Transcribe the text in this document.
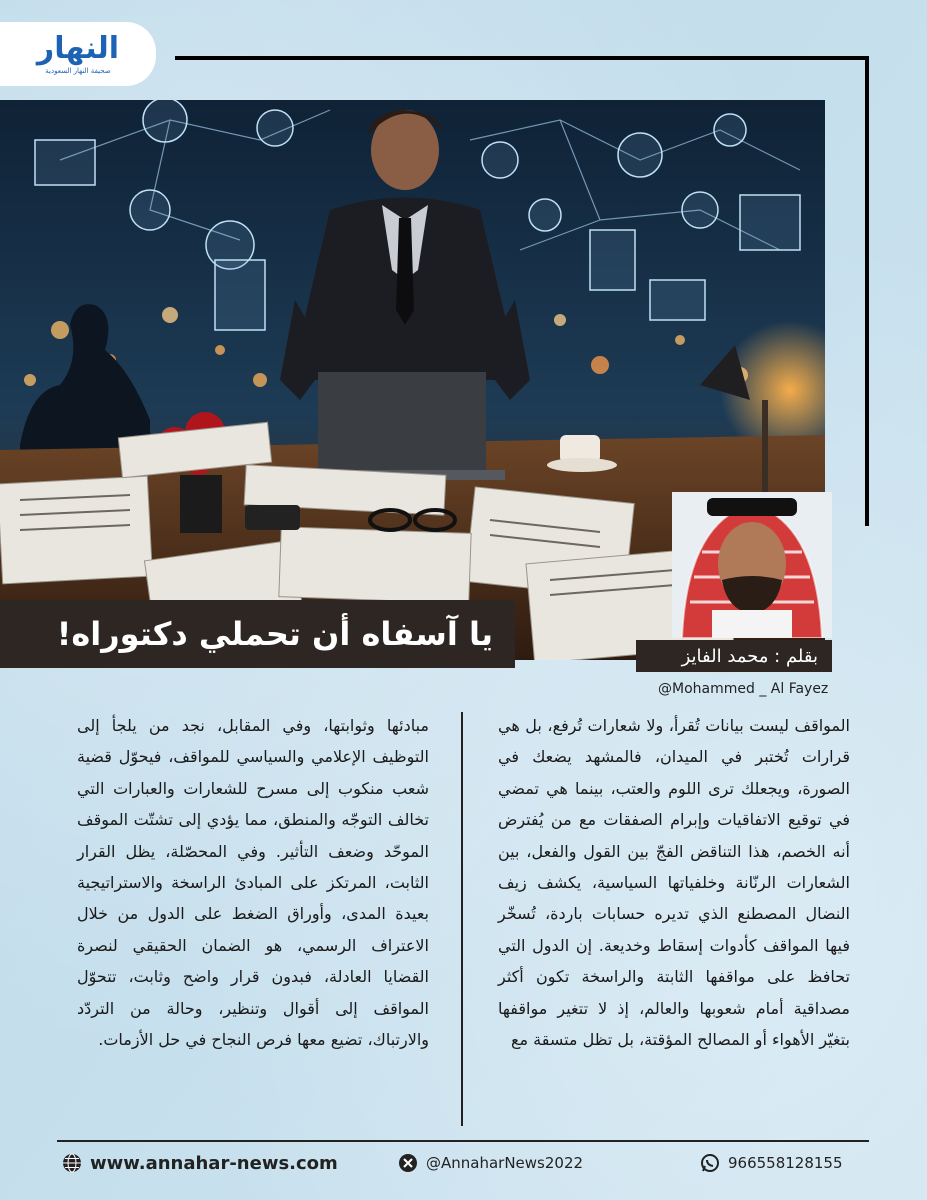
النهار
صحيفة النهار السعودية
يا آسفاه أن تحملي دكتوراه!
بقلم : محمد الفايز
@Mohammed _ Al Fayez

المواقف ليست بيانات تُقرأ، ولا شعارات تُرفع، بل هي قرارات تُختبر في الميدان، فالمشهد يضعك في الصورة، ويجعلك ترى اللوم والعتب، بينما هي تمضي في توقيع الاتفاقيات وإبرام الصفقات مع من يُفترض أنه الخصم، هذا التناقض الفجّ بين القول والفعل، بين الشعارات الرنّانة وخلفياتها السياسية، يكشف زيف النضال المصطنع الذي تديره حسابات باردة، تُسخّر فيها المواقف كأدوات إسقاط وخديعة. إن الدول التي تحافظ على مواقفها الثابتة والراسخة تكون أكثر مصداقية أمام شعوبها والعالم، إذ لا تتغير مواقفها بتغيّر الأهواء أو المصالح المؤقتة، بل تظل متسقة مع

مبادئها وثوابتها، وفي المقابل، نجد من يلجأ إلى التوظيف الإعلامي والسياسي للمواقف، فيحوّل قضية شعب منكوب إلى مسرح للشعارات والعبارات التي تخالف التوجّه والمنطق، مما يؤدي إلى تشتّت الموقف الموحّد وضعف التأثير. وفي المحصّلة، يظل القرار الثابت، المرتكز على المبادئ الراسخة والاستراتيجية بعيدة المدى، وأوراق الضغط على الدول من خلال الاعتراف الرسمي، هو الضمان الحقيقي لنصرة القضايا العادلة، فبدون قرار واضح وثابت، تتحوّل المواقف إلى أقوال وتنظير، وحالة من التردّد والارتباك، تضيع معها فرص النجاح في حل الأزمات.

www.annahar-news.com	@AnnaharNews2022	966558128155
